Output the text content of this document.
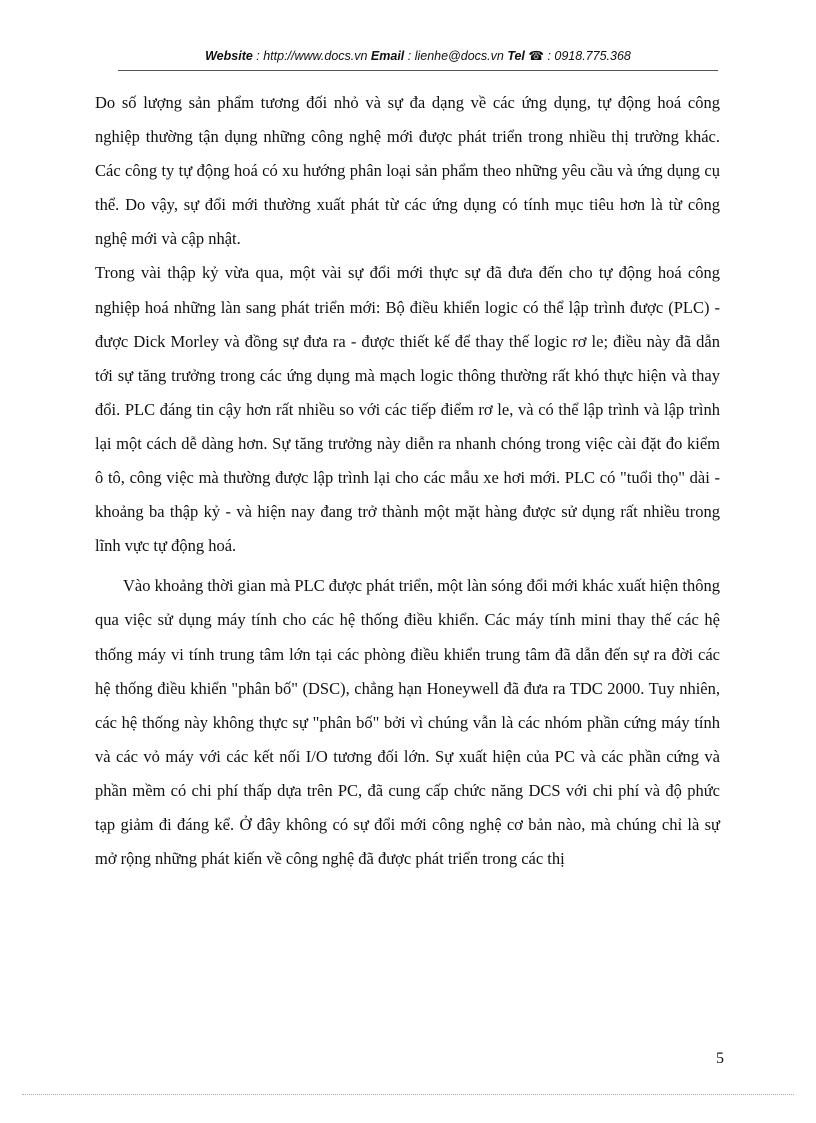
Website : http://www.docs.vn Email : lienhe@docs.vn Tel ☎ : 0918.775.368

Do số lượng sản phẩm tương đối nhỏ và sự đa dạng về các ứng dụng, tự động hoá công nghiệp thường tận dụng những công nghệ mới được phát triển trong nhiều thị trường khác. Các công ty tự động hoá có xu hướng phân loại sản phẩm theo những yêu cầu và ứng dụng cụ thể. Do vậy, sự đổi mới thường xuất phát từ các ứng dụng có tính mục tiêu hơn là từ công nghệ mới và cập nhật.

Trong vài thập kỷ vừa qua, một vài sự đổi mới thực sự đã đưa đến cho tự động hoá công nghiệp hoá những làn sang phát triển mới: Bộ điều khiển logic có thể lập trình được (PLC) - được Dick Morley và đồng sự đưa ra - được thiết kế để thay thế logic rơ le; điều này đã dẫn tới sự tăng trưởng trong các ứng dụng mà mạch logic thông thường rất khó thực hiện và thay đổi. PLC đáng tin cậy hơn rất nhiều so với các tiếp điểm rơ le, và có thể lập trình và lập trình lại một cách dễ dàng hơn. Sự tăng trưởng này diễn ra nhanh chóng trong việc cài đặt đo kiểm ô tô, công việc mà thường được lập trình lại cho các mẫu xe hơi mới. PLC có "tuổi thọ" dài - khoảng ba thập kỷ - và hiện nay đang trở thành một mặt hàng được sử dụng rất nhiều trong lĩnh vực tự động hoá.

Vào khoảng thời gian mà PLC được phát triển, một làn sóng đổi mới khác xuất hiện thông qua việc sử dụng máy tính cho các hệ thống điều khiển. Các máy tính mini thay thế các hệ thống máy vi tính trung tâm lớn tại các phòng điều khiển trung tâm đã dẫn đến sự ra đời các hệ thống điều khiển "phân bố" (DSC), chẳng hạn Honeywell đã đưa ra TDC 2000. Tuy nhiên, các hệ thống này không thực sự "phân bố" bởi vì chúng vẫn là các nhóm phần cứng máy tính và các vỏ máy với các kết nối I/O tương đối lớn. Sự xuất hiện của PC và các phần cứng và phần mềm có chi phí thấp dựa trên PC, đã cung cấp chức năng DCS với chi phí và độ phức tạp giảm đi đáng kể. Ở đây không có sự đổi mới công nghệ cơ bản nào, mà chúng chỉ là sự mở rộng những phát kiến về công nghệ đã được phát triển trong các thị

5
